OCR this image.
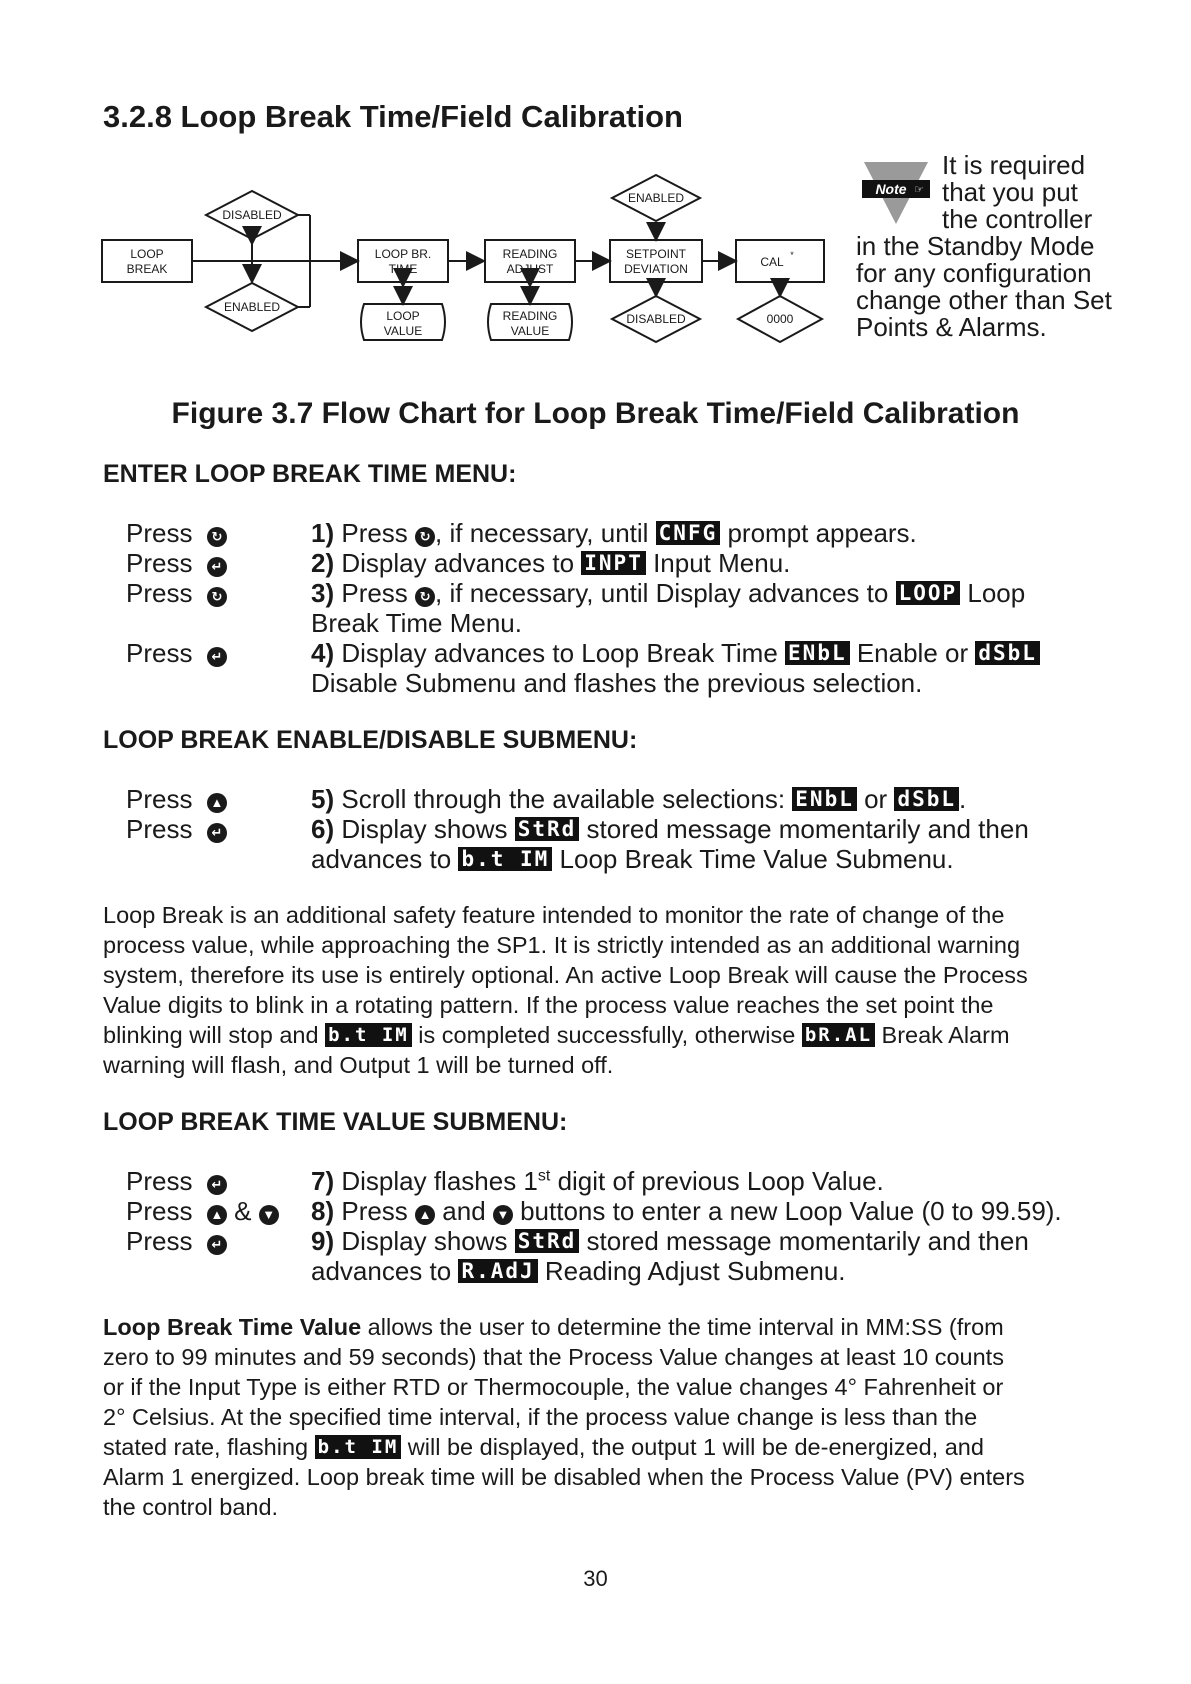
3.2.8 Loop Break Time/Field Calibration
LOOP
BREAK
DISABLED
ENABLED
LOOP BR.
TIME
LOOP
VALUE
READING
ADJUST
READING
VALUE
ENABLED
SETPOINT
DEVIATION
DISABLED
CAL *
0000
Note ☞
It is required
that you put
the controller
in the Standby Mode
for any configuration
change other than Set
Points & Alarms.
Figure 3.7 Flow Chart for Loop Break Time/Field Calibration
ENTER LOOP BREAK TIME MENU:
Press ↻
Press ↵
Press ↻
Press ↵
1) Press ↻ , if necessary, until CNFG prompt appears.
2) Display advances to INPT Input Menu.
3) Press ↻ , if necessary, until Display advances to LOOP Loop
Break Time Menu.
4) Display advances to Loop Break Time ENbL Enable or dSbL
Disable Submenu and flashes the previous selection.
LOOP BREAK ENABLE/DISABLE SUBMENU:
Press ▲
Press ↵
5) Scroll through the available selections: ENbL or dSbL .
6) Display shows StRd stored message momentarily and then
advances to b.t IM Loop Break Time Value Submenu.
Loop Break is an additional safety feature intended to monitor the rate of change of the
process value, while approaching the SP1. It is strictly intended as an additional warning
system, therefore its use is entirely optional. An active Loop Break will cause the Process
Value digits to blink in a rotating pattern. If the process value reaches the set point the
blinking will stop and b.t IM is completed successfully, otherwise bR.AL Break Alarm
warning will flash, and Output 1 will be turned off.
LOOP BREAK TIME VALUE SUBMENU:
Press ↵
Press ▲ & ▼
Press ↵
7) Display flashes 1st digit of previous Loop Value.
8) Press ▲ and ▼ buttons to enter a new Loop Value (0 to 99.59).
9) Display shows StRd stored message momentarily and then
advances to R.AdJ Reading Adjust Submenu.
Loop Break Time Value allows the user to determine the time interval in MM:SS (from
zero to 99 minutes and 59 seconds) that the Process Value changes at least 10 counts
or if the Input Type is either RTD or Thermocouple, the value changes 4° Fahrenheit or
2° Celsius. At the specified time interval, if the process value change is less than the
stated rate, flashing b.t IM will be displayed, the output 1 will be de-energized, and
Alarm 1 energized. Loop break time will be disabled when the Process Value (PV) enters
the control band.
30
